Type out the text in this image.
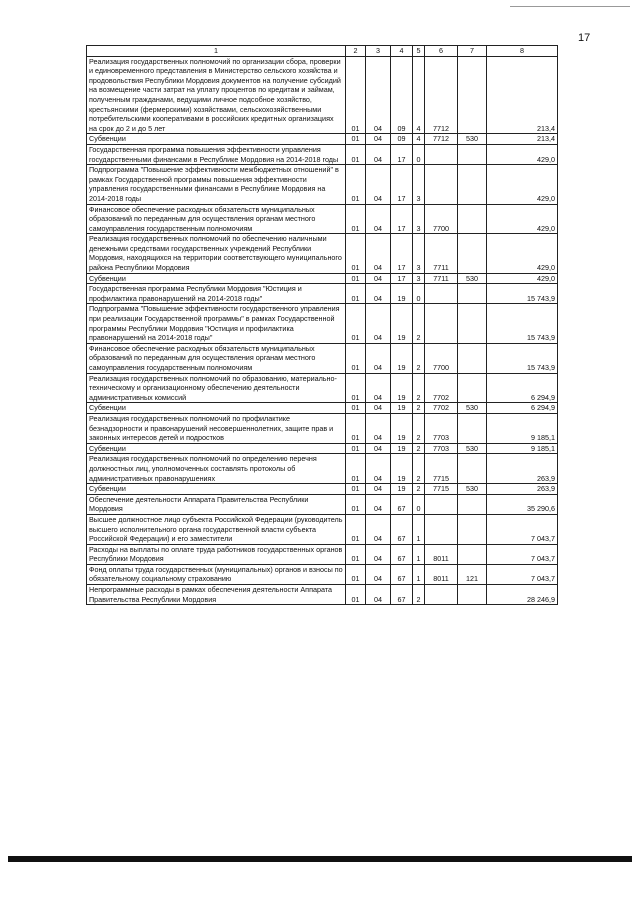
17
1	2	3	4	5	6	7	8
Реализация государственных полномочий по организации сбора, проверки и единовременного представления в Министерство сельского хозяйства и продовольствия Республики Мордовия документов на получение субсидий на возмещение части затрат на уплату процентов по кредитам и займам, полученным гражданами, ведущими личное подсобное хозяйство, крестьянскими (фермерскими) хозяйствами, сельскохозяйственными потребительскими кооперативами в российских кредитных организациях на срок до 2 и до 5 лет	01	04	09	4	7712		213,4
Субвенции	01	04	09	4	7712	530	213,4
Государственная программа повышения эффективности управления государственными финансами в Республике Мордовия на 2014-2018 годы	01	04	17	0			429,0
Подпрограмма "Повышение эффективности межбюджетных отношений" в рамках Государственной программы повышения эффективности управления государственными финансами в Республике Мордовия на 2014-2018 годы	01	04	17	3			429,0
Финансовое обеспечение расходных обязательств муниципальных образований по переданным для осуществления органам местного самоуправления государственным полномочиям	01	04	17	3	7700		429,0
Реализация государственных полномочий по обеспечению наличными денежными средствами государственных учреждений Республики Мордовия, находящихся на территории соответствующего муниципального района Республики Мордовия	01	04	17	3	7711		429,0
Субвенции	01	04	17	3	7711	530	429,0
Государственная программа Республики Мордовия "Юстиция и профилактика правонарушений на 2014-2018 годы"	01	04	19	0			15 743,9
Подпрограмма "Повышение эффективности государственного управления при реализации Государственной программы" в рамках Государственной программы Республики Мордовия "Юстиция и профилактика правонарушений на 2014-2018 годы"	01	04	19	2			15 743,9
Финансовое обеспечение расходных обязательств муниципальных образований по переданным для осуществления органам местного самоуправления государственным полномочиям	01	04	19	2	7700		15 743,9
Реализация государственных полномочий по образованию, материально-техническому и организационному обеспечению деятельности административных комиссий	01	04	19	2	7702		6 294,9
Субвенции	01	04	19	2	7702	530	6 294,9
Реализация государственных полномочий по профилактике безнадзорности и правонарушений несовершеннолетних, защите прав и законных интересов детей и подростков	01	04	19	2	7703		9 185,1
Субвенции	01	04	19	2	7703	530	9 185,1
Реализация государственных полномочий по определению перечня должностных лиц, уполномоченных составлять протоколы об административных правонарушениях	01	04	19	2	7715		263,9
Субвенции	01	04	19	2	7715	530	263,9
Обеспечение деятельности Аппарата Правительства Республики Мордовия	01	04	67	0			35 290,6
Высшее должностное лицо субъекта Российской Федерации (руководитель высшего исполнительного органа государственной власти субъекта Российской Федерации) и его заместители	01	04	67	1			7 043,7
Расходы на выплаты по оплате труда работников государственных органов Республики Мордовия	01	04	67	1	8011		7 043,7
Фонд оплаты труда государственных (муниципальных) органов и взносы по обязательному социальному страхованию	01	04	67	1	8011	121	7 043,7
Непрограммные расходы в рамках обеспечения деятельности Аппарата Правительства Республики Мордовия	01	04	67	2			28 246,9
